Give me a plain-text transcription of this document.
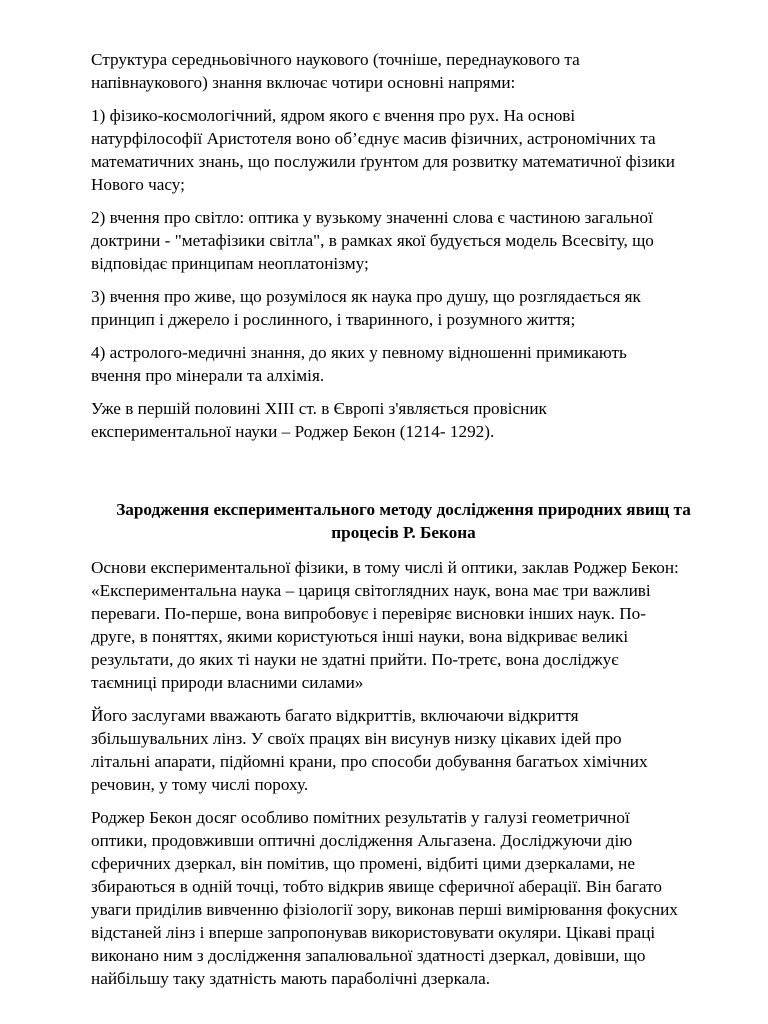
Структура середньовічного наукового (точніше, переднаукового та
напівнаукового) знання включає чотири основні напрями:

1) фізико-космологічний, ядром якого є вчення про рух. На основі
натурфілософії Аристотеля воно об’єднує масив фізичних, астрономічних та
математичних знань, що послужили ґрунтом для розвитку математичної фізики
Нового часу;

2) вчення про світло: оптика у вузькому значенні слова є частиною загальної
доктрини - "метафізики світла", в рамках якої будується модель Всесвіту, що
відповідає принципам неоплатонізму;

3) вчення про живе, що розумілося як наука про душу, що розглядається як
принцип і джерело і рослинного, і тваринного, і розумного життя;

4) астролого-медичні знання, до яких у певному відношенні примикають
вчення про мінерали та алхімія.

Уже в першій половині XIII ст. в Європі з'являється провісник
експериментальної науки – Роджер Бекон (1214- 1292).

Зародження експериментального методу дослідження природних явищ та
процесів Р. Бекона

Основи експериментальної фізики, в тому числі й оптики, заклав Роджер Бекон:
«Експериментальна наука – цариця світоглядних наук, вона має три важливі
переваги. По-перше, вона випробовує і перевіряє висновки інших наук. По-
друге, в поняттях, якими користуються інші науки, вона відкриває великі
результати, до яких ті науки не здатні прийти. По-третє, вона досліджує
таємниці природи власними силами»

Його заслугами вважають багато відкриттів, включаючи відкриття
збільшувальних лінз. У своїх працях він висунув низку цікавих ідей про
літальні апарати, підйомні крани, про способи добування багатьох хімічних
речовин, у тому числі пороху.

Роджер Бекон досяг особливо помітних результатів у галузі геометричної
оптики, продовживши оптичні дослідження Альгазена. Досліджуючи дію
сферичних дзеркал, він помітив, що промені, відбиті цими дзеркалами, не
збираються в одній точці, тобто відкрив явище сферичної аберації. Він багато
уваги приділив вивченню фізіології зору, виконав перші вимірювання фокусних
відстаней лінз і вперше запропонував використовувати окуляри. Цікаві праці
виконано ним з дослідження запалювальної здатності дзеркал, довівши, що
найбільшу таку здатність мають параболічні дзеркала.
